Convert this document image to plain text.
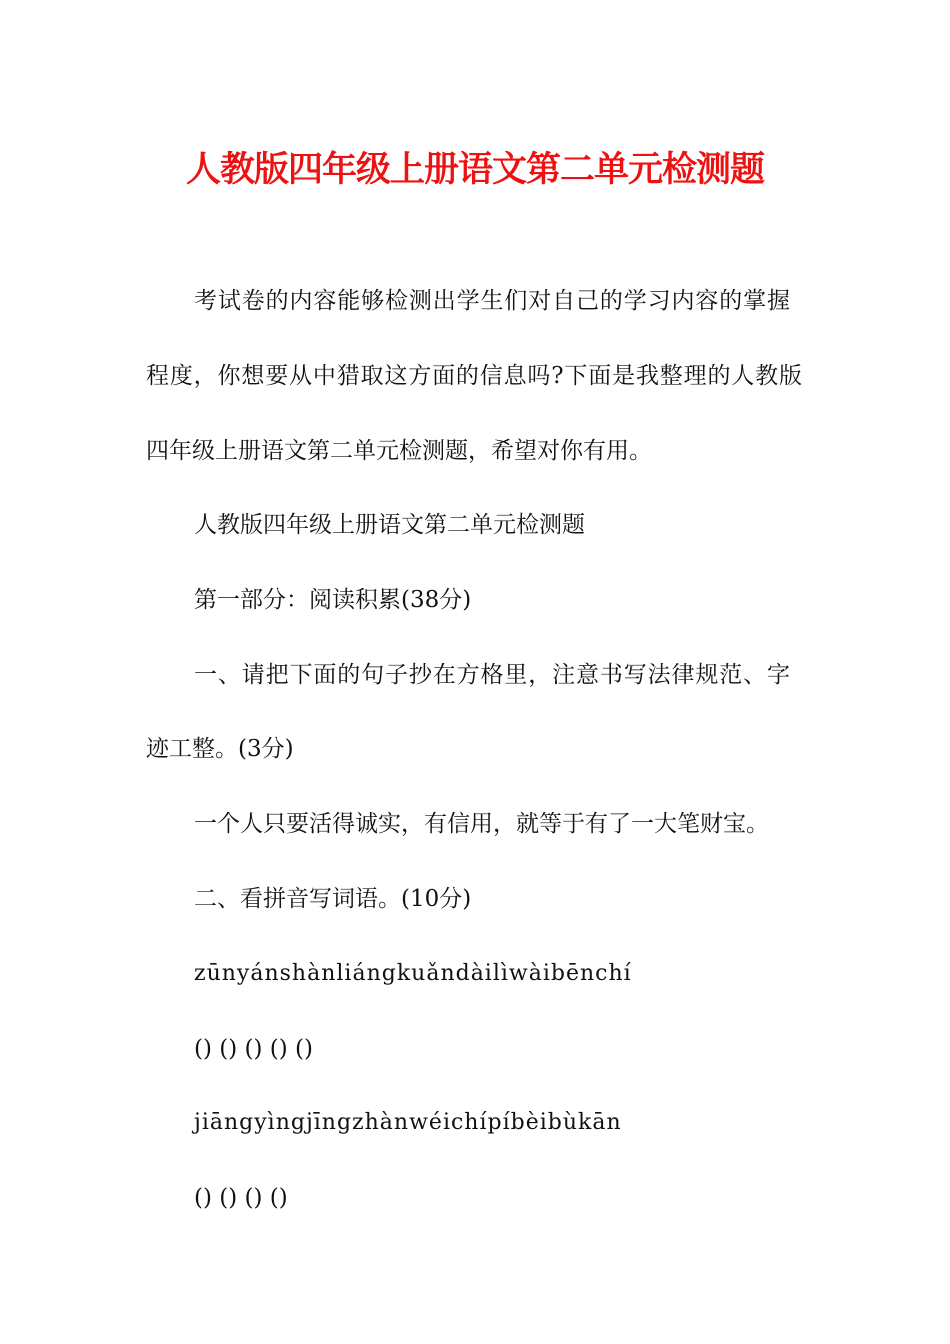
人教版四年级上册语文第二单元检测题
考试卷的内容能够检测出学生们对自己的学习内容的掌握
程度，你想要从中猎取这方面的信息吗?下面是我整理的人教版
四年级上册语文第二单元检测题，希望对你有用。
人教版四年级上册语文第二单元检测题
第一部分：阅读积累(38分)
一、请把下面的句子抄在方格里，注意书写法律规范、字
迹工整。(3分)
一个人只要活得诚实，有信用，就等于有了一大笔财宝。
二、看拼音写词语。(10分)
zūnyánshànliángkuǎndàilìwàibēnchí
() () () () ()
jiāngyìngjīngzhànwéichípíbèibùkān
() () () ()
